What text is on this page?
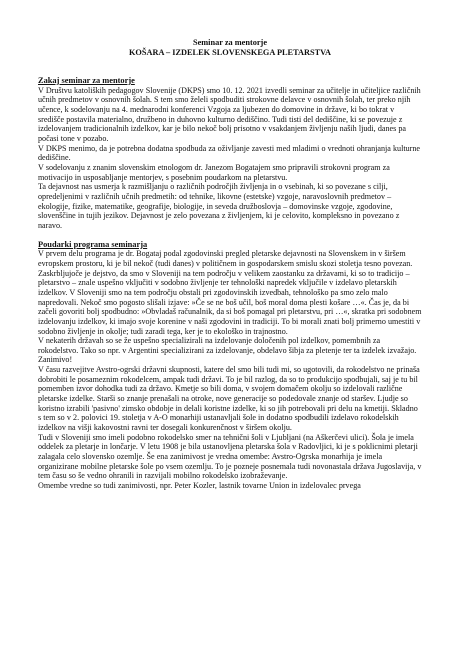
Seminar za mentorje
KOŠARA – IZDELEK SLOVENSKEGA PLETARSTVA

Zakaj seminar za mentorje

V Društvu katoliških pedagogov Slovenije (DKPS) smo 10. 12. 2021 izvedli seminar za učitelje in učiteljice različnih učnih predmetov v osnovnih šolah. S tem smo želeli spodbuditi strokovne delavce v osnovnih šolah, ter preko njih učence, k sodelovanju na 4. mednarodni konferenci Vzgoja za ljubezen do domovine in države, ki bo tokrat v središče postavila materialno, družbeno in duhovno kulturno dediščino. Tudi tisti del dediščine, ki se povezuje z izdelovanjem tradicionalnih izdelkov, kar je bilo nekoč bolj prisotno v vsakdanjem življenju naših ljudi, danes pa počasi tone v pozabo.

V DKPS menimo, da je potrebna dodatna spodbuda za oživljanje zavesti med mladimi o vrednoti ohranjanja kulturne dediščine.

V sodelovanju z znanim slovenskim etnologom dr. Janezom Bogatajem smo pripravili strokovni program za motivacijo in usposabljanje mentorjev, s posebnim poudarkom na pletarstvu.

Ta dejavnost nas usmerja k razmišljanju o različnih področjih življenja in o vsebinah, ki so povezane s cilji, opredeljenimi v različnih učnih predmetih: od tehnike, likovne (estetske) vzgoje, naravoslovnih predmetov – ekologije, fizike, matematike, geografije, biologije, in seveda družboslovja – domovinske vzgoje, zgodovine, slovenščine in tujih jezikov. Dejavnost je zelo povezana z življenjem, ki je celovito, kompleksno in povezano z naravo.

Poudarki programa seminarja

V prvem delu programa je dr. Bogataj podal zgodovinski pregled pletarske dejavnosti na Slovenskem in v širšem evropskem prostoru, ki je bil nekoč (tudi danes) v političnem in gospodarskem smislu skozi stoletja tesno povezan. Zaskrbljujoče je dejstvo, da smo v Sloveniji na tem področju v velikem zaostanku za državami, ki so to tradicijo – pletarstvo – znale uspešno vključiti v sodobno življenje ter tehnološki napredek vključile v izdelavo pletarskih izdelkov. V Sloveniji smo na tem področju obstali pri zgodovinskih izvedbah, tehnološko pa smo zelo malo napredovali. Nekoč smo pogosto slišali izjave: »Če se ne boš učil, boš moral doma plesti košare …«. Čas je, da bi začeli govoriti bolj spodbudno: »Obvladaš računalnik, da si boš pomagal pri pletarstvu, pri …«, skratka pri sodobnem izdelovanju izdelkov, ki imajo svoje korenine v naši zgodovini in tradiciji. To bi morali znati bolj primerno umestiti v sodobno življenje in okolje; tudi zaradi tega, ker je to ekološko in trajnostno.

V nekaterih državah so se že uspešno specializirali na izdelovanje določenih pol izdelkov, pomembnih za rokodelstvo. Tako so npr. v Argentini specializirani za izdelovanje, obdelavo šibja za pletenje ter ta izdelek izvažajo. Zanimivo!

V času razvejitve Avstro-ogrski državni skupnosti, katere del smo bili tudi mi, so ugotovili, da rokodelstvo ne prinaša dobrobiti le posameznim rokodelcem, ampak tudi državi. To je bil razlog, da so to produkcijo spodbujali, saj je tu bil pomemben izvor dohodka tudi za državo. Kmetje so bili doma, v svojem domačem okolju so izdelovali različne pletarske izdelke. Starši so znanje prenašali na otroke, nove generacije so podedovale znanje od staršev. Ljudje so koristno izrabili 'pasivno' zimsko obdobje in delali koristne izdelke, ki so jih potrebovali pri delu na kmetiji. Skladno s tem so v 2. polovici 19. stoletja v A-O monarhiji ustanavljali šole in dodatno spodbudili izdelavo rokodelskih izdelkov na višji kakovostni ravni ter dosegali konkurenčnost v širšem okolju.

Tudi v Sloveniji smo imeli podobno rokodelsko smer na tehnični šoli v Ljubljani (na Aškerčevi ulici). Šola je imela oddelek za pletarje in lončarje. V letu 1908 je bila ustanovljena pletarska šola v Radovljici, ki je s poklicnimi pletarji zalagala celo slovensko ozemlje. Še ena zanimivost je vredna omembe: Avstro-Ogrska monarhija je imela organizirane mobilne pletarske šole po vsem ozemlju. To je pozneje posnemala tudi novonastala država Jugoslavija, v tem času so še vedno ohranili in razvijali mobilno rokodelsko izobraževanje.

Omembe vredne so tudi zanimivosti, npr. Peter Kozler, lastnik tovarne Union in izdelovalec prvega
